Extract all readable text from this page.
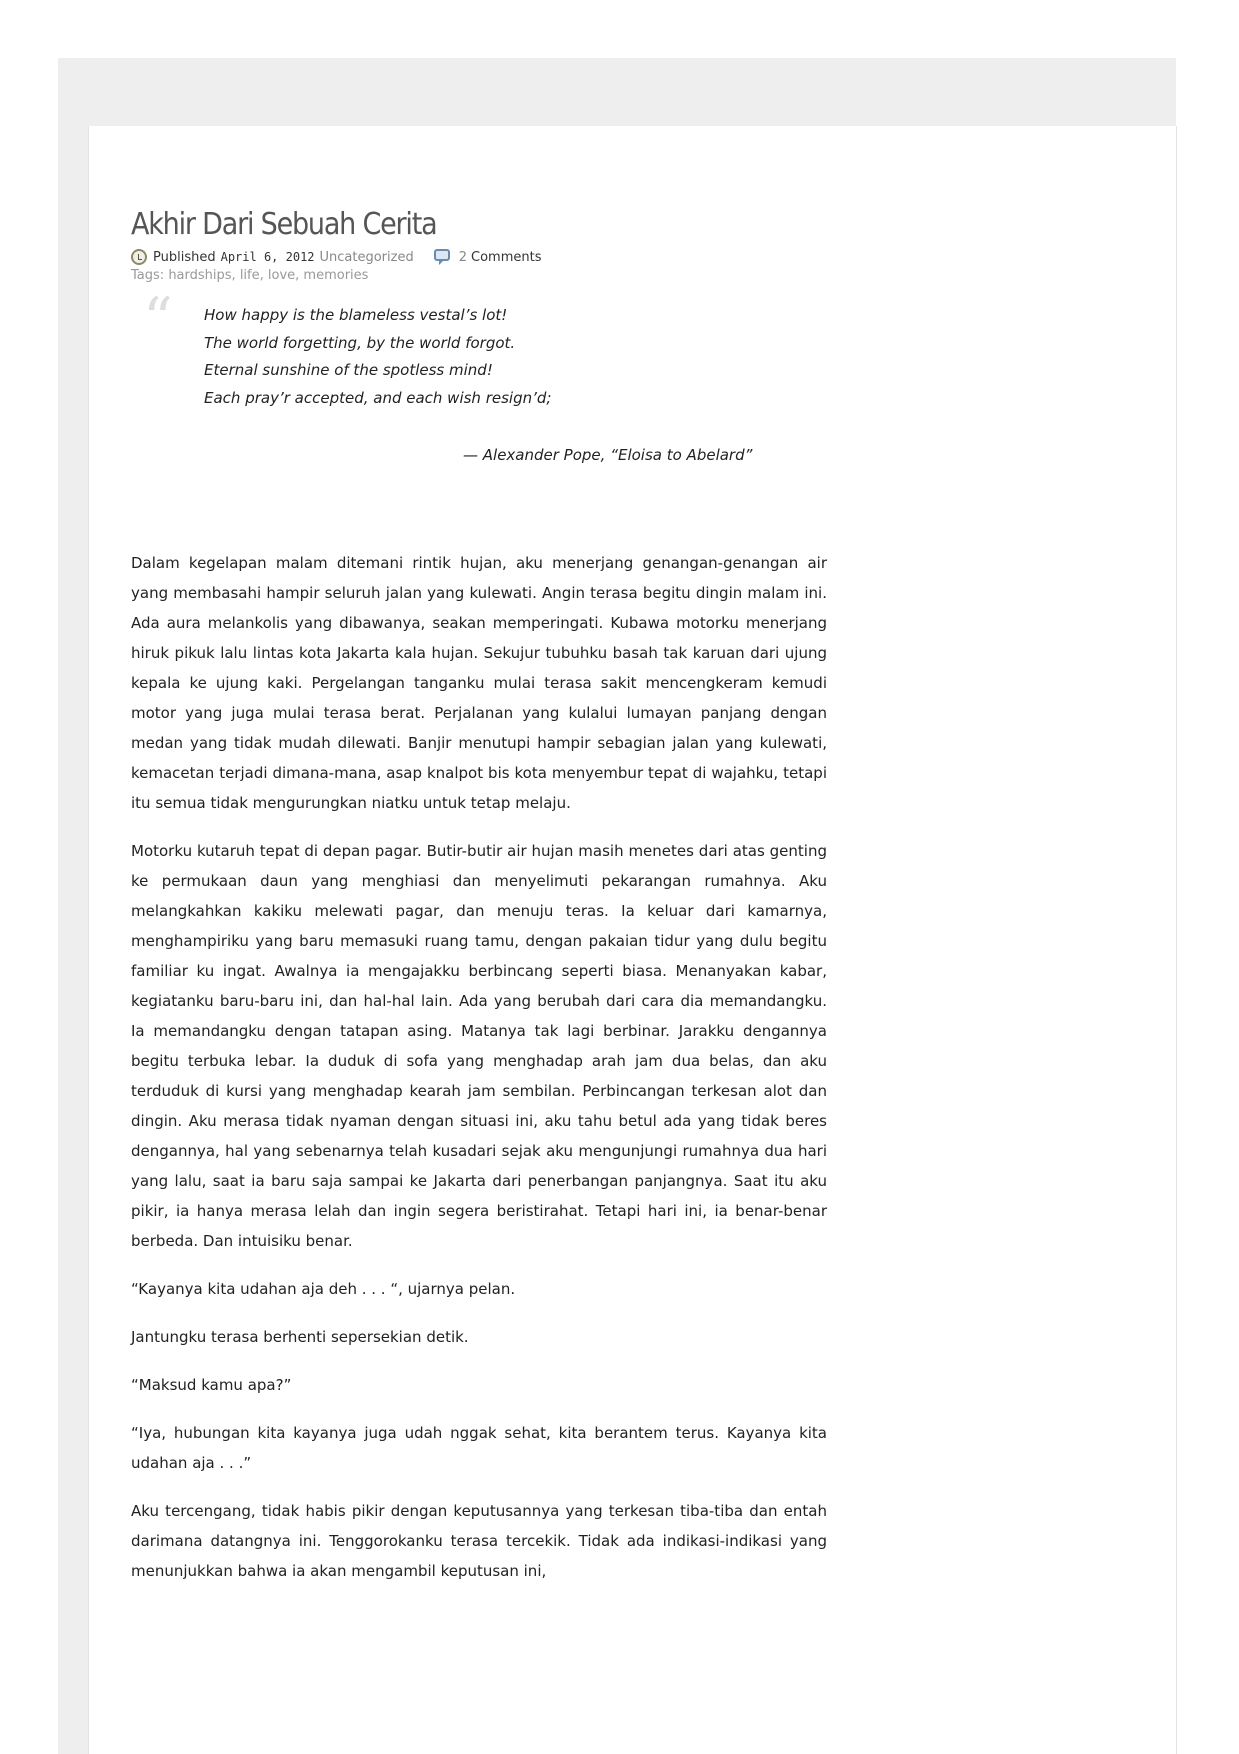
Akhir Dari Sebuah Cerita
Published April 6, 2012 Uncategorized	2 Comments
Tags: hardships, life, love, memories
“ How happy is the blameless vestal’s lot!
The world forgetting, by the world forgot.
Eternal sunshine of the spotless mind!
Each pray’r accepted, and each wish resign’d;
— Alexander Pope, “Eloisa to Abelard”

Dalam kegelapan malam ditemani rintik hujan, aku menerjang genangan-genangan air yang membasahi hampir seluruh jalan yang kulewati. Angin terasa begitu dingin malam ini. Ada aura melankolis yang dibawanya, seakan memperingati. Kubawa motorku menerjang hiruk pikuk lalu lintas kota Jakarta kala hujan. Sekujur tubuhku basah tak karuan dari ujung kepala ke ujung kaki. Pergelangan tanganku mulai terasa sakit mencengkeram kemudi motor yang juga mulai terasa berat. Perjalanan yang kulalui lumayan panjang dengan medan yang tidak mudah dilewati. Banjir menutupi hampir sebagian jalan yang kulewati, kemacetan terjadi dimana-mana, asap knalpot bis kota menyembur tepat di wajahku, tetapi itu semua tidak mengurungkan niatku untuk tetap melaju.

Motorku kutaruh tepat di depan pagar. Butir-butir air hujan masih menetes dari atas genting ke permukaan daun yang menghiasi dan menyelimuti pekarangan rumahnya. Aku melangkahkan kakiku melewati pagar, dan menuju teras. Ia keluar dari kamarnya, menghampiriku yang baru memasuki ruang tamu, dengan pakaian tidur yang dulu begitu familiar ku ingat. Awalnya ia mengajakku berbincang seperti biasa. Menanyakan kabar, kegiatanku baru-baru ini, dan hal-hal lain. Ada yang berubah dari cara dia memandangku. Ia memandangku dengan tatapan asing. Matanya tak lagi berbinar. Jarakku dengannya begitu terbuka lebar. Ia duduk di sofa yang menghadap arah jam dua belas, dan aku terduduk di kursi yang menghadap kearah jam sembilan. Perbincangan terkesan alot dan dingin. Aku merasa tidak nyaman dengan situasi ini, aku tahu betul ada yang tidak beres dengannya, hal yang sebenarnya telah kusadari sejak aku mengunjungi rumahnya dua hari yang lalu, saat ia baru saja sampai ke Jakarta dari penerbangan panjangnya. Saat itu aku pikir, ia hanya merasa lelah dan ingin segera beristirahat. Tetapi hari ini, ia benar-benar berbeda. Dan intuisiku benar.

“Kayanya kita udahan aja deh . . . “, ujarnya pelan.

Jantungku terasa berhenti sepersekian detik.

“Maksud kamu apa?”

“Iya, hubungan kita kayanya juga udah nggak sehat, kita berantem terus. Kayanya kita udahan aja . . .”

Aku tercengang, tidak habis pikir dengan keputusannya yang terkesan tiba-tiba dan entah darimana datangnya ini. Tenggorokanku terasa tercekik. Tidak ada indikasi-indikasi yang menunjukkan bahwa ia akan mengambil keputusan ini,
